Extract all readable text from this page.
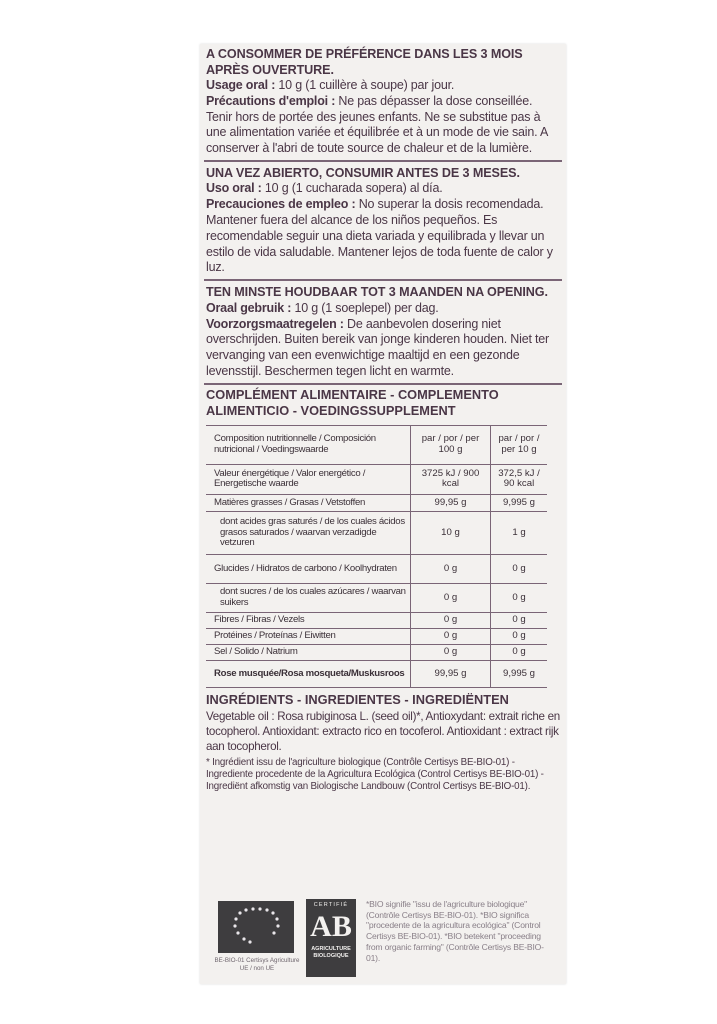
A CONSOMMER DE PRÉFÉRENCE DANS LES 3 MOIS APRÈS OUVERTURE.
Usage oral : 10 g (1 cuillère à soupe) par jour.
Précautions d'emploi : Ne pas dépasser la dose conseillée. Tenir hors de portée des jeunes enfants. Ne se substitue pas à une alimentation variée et équilibrée et à un mode de vie sain. A conserver à l'abri de toute source de chaleur et de la lumière.
UNA VEZ ABIERTO, CONSUMIR ANTES DE 3 MESES.
Uso oral : 10 g (1 cucharada sopera) al día.
Precauciones de empleo : No superar la dosis recomendada. Mantener fuera del alcance de los niños pequeños. Es recomendable seguir una dieta variada y equilibrada y llevar un estilo de vida saludable. Mantener lejos de toda fuente de calor y luz.
TEN MINSTE HOUDBAAR TOT 3 MAANDEN NA OPENING.
Oraal gebruik : 10 g (1 soeplepel) per dag.
Voorzorgsmaatregelen : De aanbevolen dosering niet overschrijden. Buiten bereik van jonge kinderen houden. Niet ter vervanging van een evenwichtige maaltijd en een gezonde levensstijl. Beschermen tegen licht en warmte.
COMPLÉMENT ALIMENTAIRE - COMPLEMENTO ALIMENTICIO - VOEDINGSSUPPLEMENT
Composition nutritionnelle / Composición nutricional / Voedingswaarde	par / por / per 100 g	par / por / per 10 g
Valeur énergétique / Valor energético / Energetische waarde	3725 kJ / 900 kcal	372,5 kJ / 90 kcal
Matières grasses / Grasas / Vetstoffen	99,95 g	9,995 g
dont acides gras saturés / de los cuales ácidos grasos saturados / waarvan verzadigde vetzuren	10 g	1 g
Glucides / Hidratos de carbono / Koolhydraten	0 g	0 g
dont sucres / de los cuales azúcares / waarvan suikers	0 g	0 g
Fibres / Fibras / Vezels	0 g	0 g
Protéines / Proteínas / Eiwitten	0 g	0 g
Sel / Solido / Natrium	0 g	0 g
Rose musquée/Rosa mosqueta/Muskusroos	99,95 g	9,995 g
INGRÉDIENTS - INGREDIENTES - INGREDIËNTEN
Vegetable oil : Rosa rubiginosa L. (seed oil)*, Antioxydant: extrait riche en tocopherol. Antioxidant: extracto rico en tocoferol. Antioxidant : extract rijk aan tocopherol.
* Ingrédient issu de l'agriculture biologique (Contrôle Certisys BE-BIO-01) - Ingrediente procedente de la Agricultura Ecológica (Control Certisys BE-BIO-01) - Ingrediënt afkomstig van Biologische Landbouw (Control Certisys BE-BIO-01).
BE-BIO-01 Certisys Agriculture UE / non UE
CERTIFIÉ
AB
AGRICULTURE BIOLOGIQUE
*BIO signifie "issu de l'agriculture biologique" (Contrôle Certisys BE-BIO-01). *BIO significa "procedente de la agricultura ecológica" (Control Certisys BE-BIO-01). *BIO betekent "proceeding from organic farming" (Contrôle Certisys BE-BIO-01).
